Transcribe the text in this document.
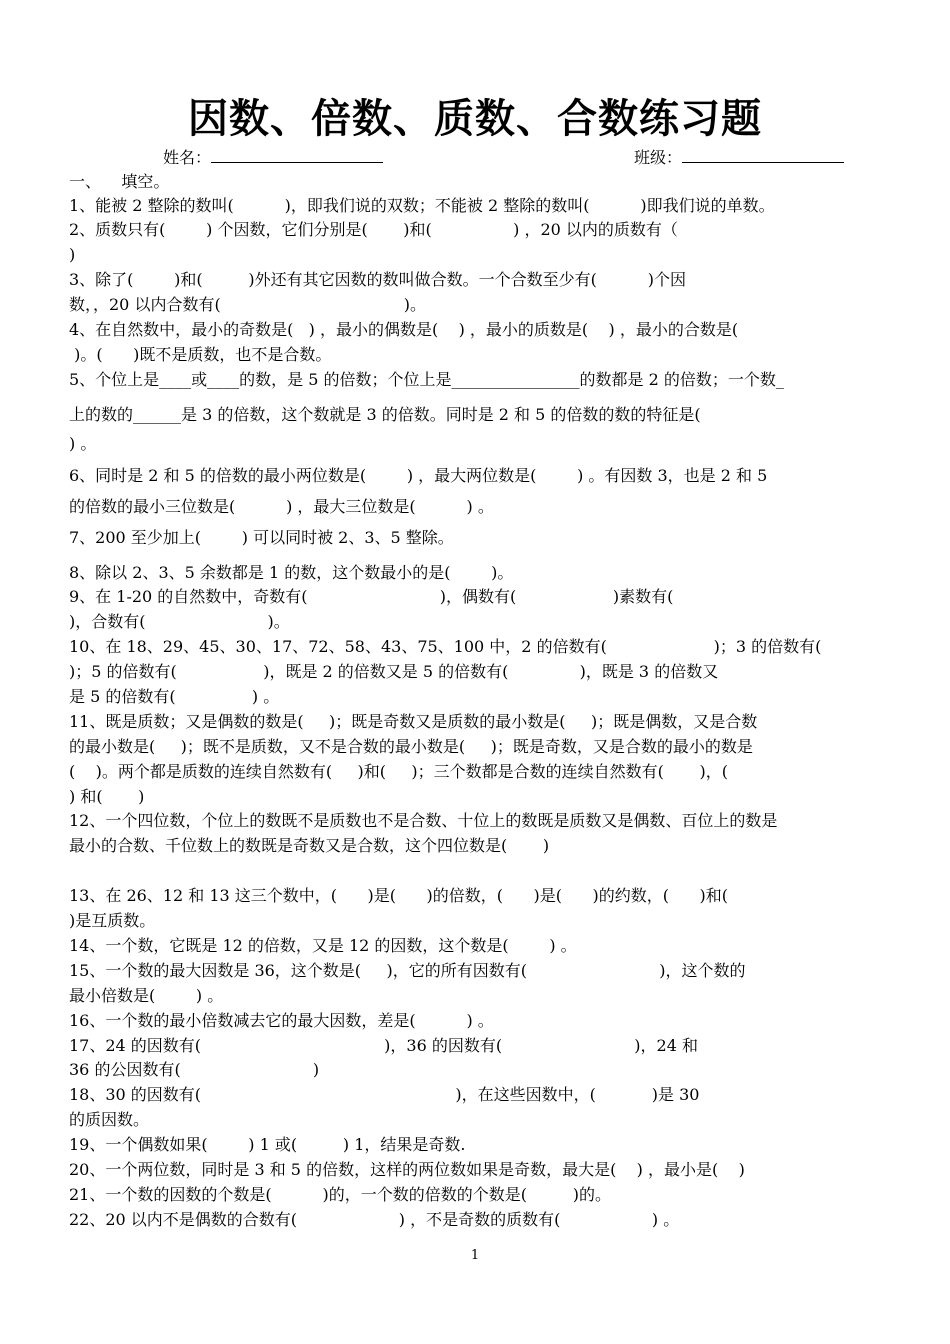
因数、倍数、质数、合数练习题
姓名：	班级：
一、    填空。
1、能被 2 整除的数叫(          )，即我们说的双数；不能被 2 整除的数叫(          )即我们说的单数。
2、质数只有(        ) 个因数，它们分别是(       )和(                ) ，20 以内的质数有（
)
3、除了(        )和(         )外还有其它因数的数叫做合数。一个合数至少有(          )个因
数，，20 以内合数有(                                    )。
4、在自然数中，最小的奇数是(   ) ，最小的偶数是(    ) ，最小的质数是(    ) ，最小的合数是(
)。(      )既不是质数，也不是合数。
5、个位上是____或____的数，是 5 的倍数；个位上是________________的数都是 2 的倍数；一个数_
上的数的______是 3 的倍数，这个数就是 3 的倍数。同时是 2 和 5 的倍数的数的特征是(
) 。
6、同时是 2 和 5 的倍数的最小两位数是(        ) ，最大两位数是(        ) 。有因数 3，也是 2 和 5
的倍数的最小三位数是(          ) ，最大三位数是(          ) 。
7、200 至少加上(        ) 可以同时被 2、3、5 整除。
8、除以 2、3、5 余数都是 1 的数，这个数最小的是(        )。
9、在 1-20 的自然数中，奇数有(                          )，偶数有(                   )素数有(
)，合数有(                        )。
10、在 18、29、45、30、17、72、58、43、75、100 中，2 的倍数有(                     )；3 的倍数有(
)；5 的倍数有(                 )，既是 2 的倍数又是 5 的倍数有(              )，既是 3 的倍数又
是 5 的倍数有(               ) 。
11、既是质数；又是偶数的数是(     )；既是奇数又是质数的最小数是(     )；既是偶数，又是合数
的最小数是(     )；既不是质数，又不是合数的最小数是(     )；既是奇数，又是合数的最小的数是
(    )。两个都是质数的连续自然数有(     )和(     )；三个数都是合数的连续自然数有(       )，(
) 和(       )
12、一个四位数，个位上的数既不是质数也不是合数、十位上的数既是质数又是偶数、百位上的数是
最小的合数、千位数上的数既是奇数又是合数，这个四位数是(       )
13、在 26、12 和 13 这三个数中，(      )是(      )的倍数，(      )是(      )的约数，(      )和(
)是互质数。
14、一个数，它既是 12 的倍数，又是 12 的因数，这个数是(        ) 。
15、一个数的最大因数是 36，这个数是(     )，它的所有因数有(                          )，这个数的
最小倍数是(        ) 。
16、一个数的最小倍数减去它的最大因数，差是(          ) 。
17、24 的因数有(                                    )，36 的因数有(                          )，24 和
36 的公因数有(                          )
18、30 的因数有(                                                  )，在这些因数中，(           )是 30
的质因数。
19、一个偶数如果(        ) 1 或(         ) 1，结果是奇数.
20、一个两位数，同时是 3 和 5 的倍数，这样的两位数如果是奇数，最大是(    ) ，最小是(    )
21、一个数的因数的个数是(          )的，一个数的倍数的个数是(         )的。
22、20 以内不是偶数的合数有(                    ) ，不是奇数的质数有(                  ) 。
1
